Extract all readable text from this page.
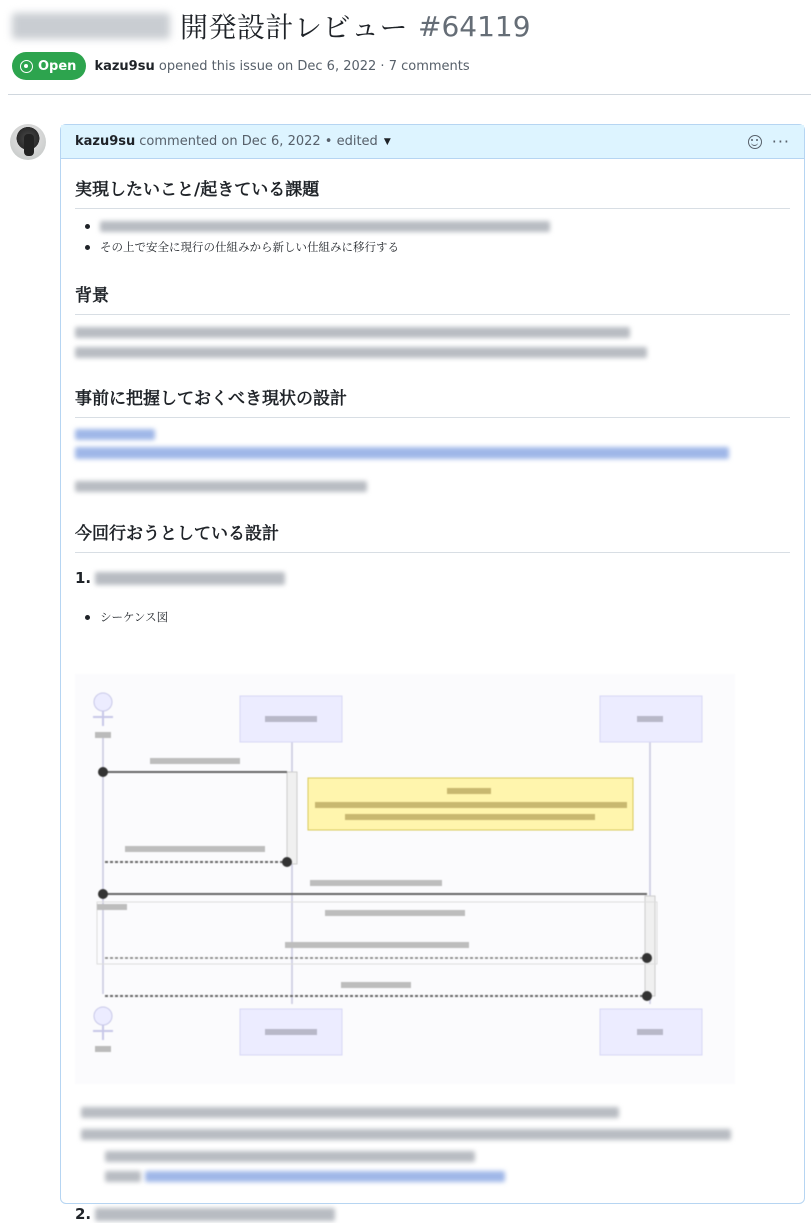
開発設計レビュー #64119
Open kazu9su opened this issue on Dec 6, 2022 · 7 comments
kazu9su commented on Dec 6, 2022 • edited ▼	···
実現したいこと/起きている課題
その上で安全に現行の仕組みから新しい仕組みに移行する
背景
事前に把握しておくべき現状の設計
今回行おうとしている設計
1.
シーケンス図
2.
